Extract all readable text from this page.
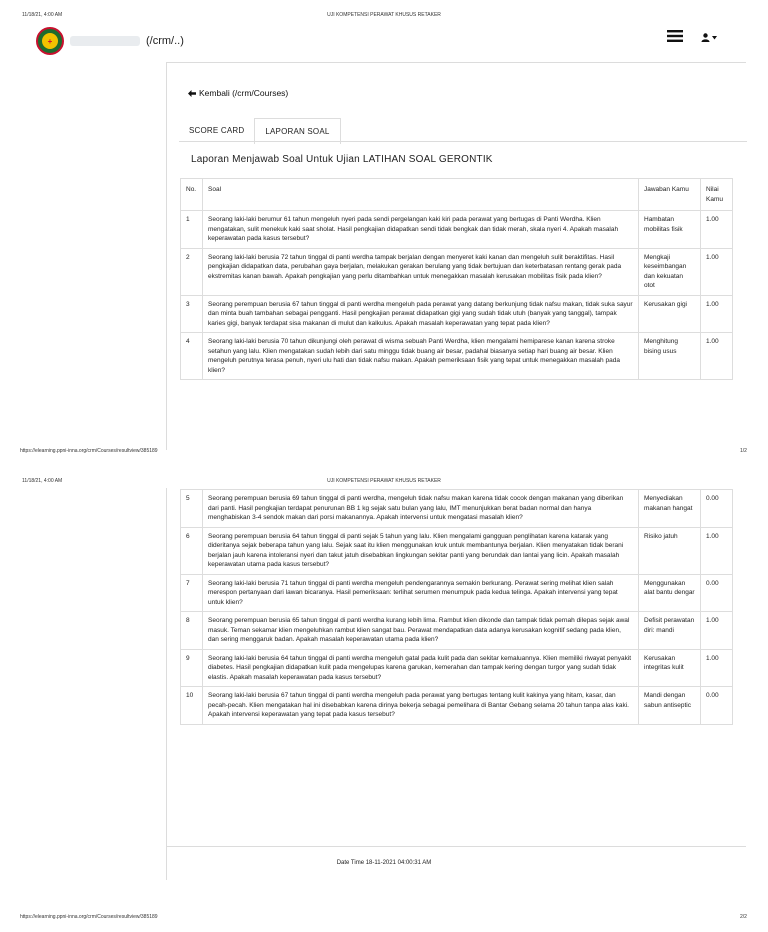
11/18/21, 4:00 AM	UJI KOMPETENSI PERAWAT KHUSUS RETAKER
+	(/crm/..)
Kembali (/crm/Courses)
SCORE CARD	LAPORAN SOAL
Laporan Menjawab Soal Untuk Ujian LATIHAN SOAL GERONTIK
No.	Soal	Jawaban Kamu	Nilai Kamu
1	Seorang laki-laki berumur 61 tahun mengeluh nyeri pada sendi pergelangan kaki kiri pada perawat yang bertugas di Panti Werdha. Klien mengatakan, sulit menekuk kaki saat sholat. Hasil pengkajian didapatkan sendi tidak bengkak dan tidak merah, skala nyeri 4. Apakah masalah keperawatan pada kasus tersebut?	Hambatan mobilitas fisik	1.00
2	Seorang laki-laki berusia 72 tahun tinggal di panti werdha tampak berjalan dengan menyeret kaki kanan dan mengeluh sulit beraktifitas. Hasil pengkajian didapatkan data, perubahan gaya berjalan, melakukan gerakan berulang yang tidak bertujuan dan keterbatasan rentang gerak pada ekstremitas kanan bawah. Apakah pengkajian yang perlu ditambahkan untuk menegakkan masalah kerusakan mobilitas fisik pada klien?	Mengkaji keseimbangan dan kekuatan otot	1.00
3	Seorang perempuan berusia 67 tahun tinggal di panti werdha mengeluh pada perawat yang datang berkunjung tidak nafsu makan, tidak suka sayur dan minta buah tambahan sebagai pengganti. Hasil pengkajian perawat didapatkan gigi yang sudah tidak utuh (banyak yang tanggal), tampak karies gigi, banyak terdapat sisa makanan di mulut dan kalkulus. Apakah masalah keperawatan yang tepat pada klien?	Kerusakan gigi	1.00
4	Seorang laki-laki berusia 70 tahun dikunjungi oleh perawat di wisma sebuah Panti Werdha, klien mengalami hemiparese kanan karena stroke setahun yang lalu. Klien mengatakan sudah lebih dari satu minggu tidak buang air besar, padahal biasanya setiap hari buang air besar. Klien mengeluh perutnya terasa penuh, nyeri ulu hati dan tidak nafsu makan. Apakah pemeriksaan fisik yang tepat untuk menegakkan masalah pada klien?	Menghitung bising usus	1.00
https://elearning.ppni-inna.org/crm/Courses/resultview/385189	1/2
11/18/21, 4:00 AM	UJI KOMPETENSI PERAWAT KHUSUS RETAKER
5	Seorang perempuan berusia 69 tahun tinggal di panti werdha, mengeluh tidak nafsu makan karena tidak cocok dengan makanan yang diberikan dari panti. Hasil pengkajian terdapat penurunan BB 1 kg sejak satu bulan yang lalu, IMT menunjukkan berat badan normal dan hanya menghabiskan 3-4 sendok makan dari porsi makanannya. Apakah intervensi untuk mengatasi masalah klien?	Menyediakan makanan hangat	0.00
6	Seorang perempuan berusia 64 tahun tinggal di panti sejak 5 tahun yang lalu. Klien mengalami gangguan penglihatan karena katarak yang dideritanya sejak beberapa tahun yang lalu. Sejak saat itu klien menggunakan kruk untuk membantunya berjalan. Klien menyatakan tidak berani berjalan jauh karena intoleransi nyeri dan takut jatuh disebabkan lingkungan sekitar panti yang berundak dan lantai yang licin. Apakah masalah keperawatan utama pada kasus tersebut?	Risiko jatuh	1.00
7	Seorang laki-laki berusia 71 tahun tinggal di panti werdha mengeluh pendengarannya semakin berkurang. Perawat sering melihat klien salah merespon pertanyaan dari lawan bicaranya. Hasil pemeriksaan: terlihat serumen menumpuk pada kedua telinga. Apakah intervensi yang tepat untuk klien?	Menggunakan alat bantu dengar	0.00
8	Seorang perempuan berusia 65 tahun tinggal di panti werdha kurang lebih lima. Rambut klien dikonde dan tampak tidak pernah dilepas sejak awal masuk. Teman sekamar klien mengeluhkan rambut klien sangat bau. Perawat mendapatkan data adanya kerusakan kognitif sedang pada klien, dan sering menggaruk badan. Apakah masalah keperawatan utama pada klien?	Defisit perawatan diri: mandi	1.00
9	Seorang laki-laki berusia 64 tahun tinggal di panti werdha mengeluh gatal pada kulit pada dan sekitar kemaluannya. Klien memiliki riwayat penyakit diabetes. Hasil pengkajian didapatkan kulit pada mengelupas karena garukan, kemerahan dan tampak kering dengan turgor yang sudah tidak elastis. Apakah masalah keperawatan pada kasus tersebut?	Kerusakan integritas kulit	1.00
10	Seorang laki-laki berusia 67 tahun tinggal di panti werdha mengeluh pada perawat yang bertugas tentang kulit kakinya yang hitam, kasar, dan pecah-pecah. Klien mengatakan hal ini disebabkan karena dirinya bekerja sebagai pemelihara di Bantar Gebang selama 20 tahun tanpa alas kaki. Apakah intervensi keperawatan yang tepat pada kasus tersebut?	Mandi dengan sabun antiseptic	0.00
Date Time 18-11-2021 04:00:31 AM
https://elearning.ppni-inna.org/crm/Courses/resultview/385189	2/2
